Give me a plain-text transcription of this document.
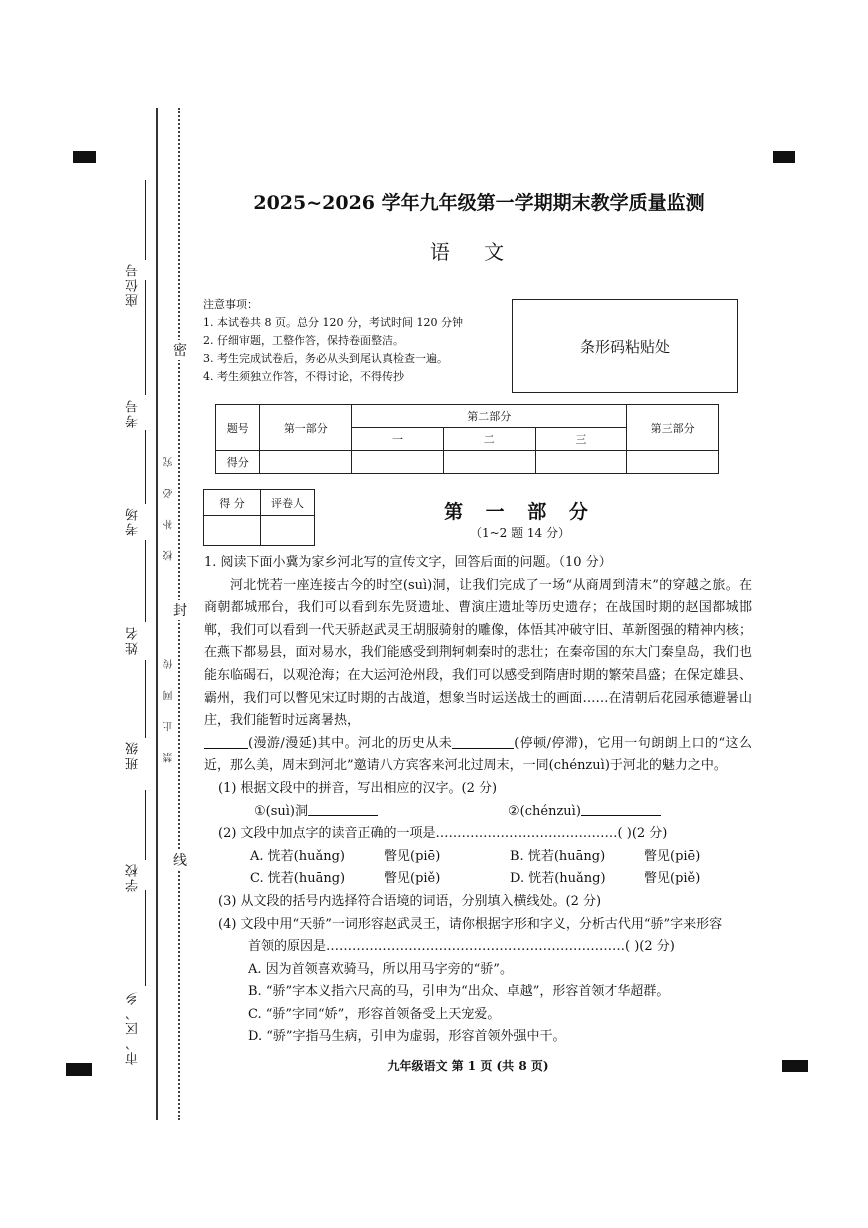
密
封
线
校 补 必 究
禁 止 网 传
座位号
考号
考场
姓名
班级
学校
市、区、乡
2025~2026 学年九年级第一学期期末教学质量监测
语 文
注意事项：
1. 本试卷共 8 页。总分 120 分，考试时间 120 分钟
2. 仔细审题，工整作答，保持卷面整洁。
3. 考生完成试卷后，务必从头到尾认真检查一遍。
4. 考生须独立作答，不得讨论，不得传抄
条形码粘贴处
题号	第一部分	第二部分			第三部分
		一	二	三	
得分					
得 分	评卷人
		第 一 部 分
（1~2 题 14 分）

1. 阅读下面小冀为家乡河北写的宣传文字，回答后面的问题。（10 分）

河北恍若一座连接古今的时空(suì)洞，让我们完成了一场“从商周到清末”的穿越之旅。在商朝都城邢台，我们可以看到东先贤遗址、曹演庄遗址等历史遗存；在战国时期的赵国都城邯郸，我们可以看到一代天骄赵武灵王胡服骑射的雕像，体悟其冲破守旧、革新图强的精神内核；在燕下都易县，面对易水，我们能感受到荆轲刺秦时的悲壮；在秦帝国的东大门秦皇岛，我们也能东临碣石，以观沧海；在大运河沧州段，我们可以感受到隋唐时期的繁荣昌盛；在保定雄县、霸州，我们可以瞥见宋辽时期的古战道，想象当时运送战士的画面……在清朝后花园承德避暑山庄，我们能暂时远离暑热，
(漫游/漫延)其中。河北的历史从未	(停顿/停滞)，它用一句朗朗上口的“这么近，那么美，周末到河北”邀请八方宾客来河北过周末，一同(chénzuì)于河北的魅力之中。

(1) 根据文段中的拼音，写出相应的汉字。(2 分)

①(suì)洞	②(chénzuì)

(2) 文段中加点字的读音正确的一项是……………………………………( )(2 分)

A. 恍若(huǎng)	瞥见(piē)	B. 恍若(huāng)	瞥见(piē)
C. 恍若(huāng)	瞥见(piě)	D. 恍若(huǎng)	瞥见(piě)

(3) 从文段的括号内选择符合语境的词语，分别填入横线处。(2 分)

(4) 文段中用“天骄”一词形容赵武灵王，请你根据字形和字义，分析古代用“骄”字来形容

首领的原因是……………………………………………………………( )(2 分)

A. 因为首领喜欢骑马，所以用马字旁的“骄”。

B. “骄”字本义指六尺高的马，引申为“出众、卓越”，形容首领才华超群。

C. “骄”字同“娇”，形容首领备受上天宠爱。

D. “骄”字指马生病，引申为虚弱，形容首领外强中干。

九年级语文 第 1 页 (共 8 页)
